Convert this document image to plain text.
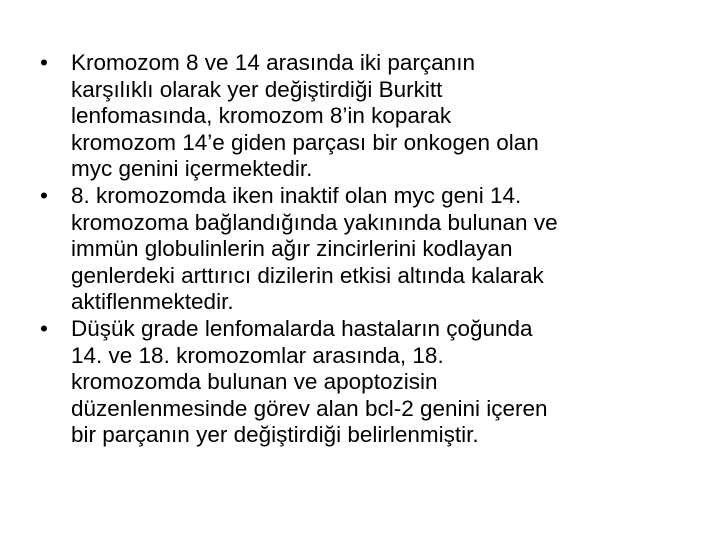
•	Kromozom 8 ve 14 arasında iki parçanın
karşılıklı olarak yer değiştirdiği Burkitt
lenfomasında, kromozom 8’in koparak
kromozom 14’e giden parçası bir onkogen olan
myc genini içermektedir.
•	8. kromozomda iken inaktif olan myc geni 14.
kromozoma bağlandığında yakınında bulunan ve
immün globulinlerin ağır zincirlerini kodlayan
genlerdeki arttırıcı dizilerin etkisi altında kalarak
aktiflenmektedir.
•	Düşük grade lenfomalarda hastaların çoğunda
14. ve 18. kromozomlar arasında, 18.
kromozomda bulunan ve apoptozisin
düzenlenmesinde görev alan bcl-2 genini içeren
bir parçanın yer değiştirdiği belirlenmiştir.
